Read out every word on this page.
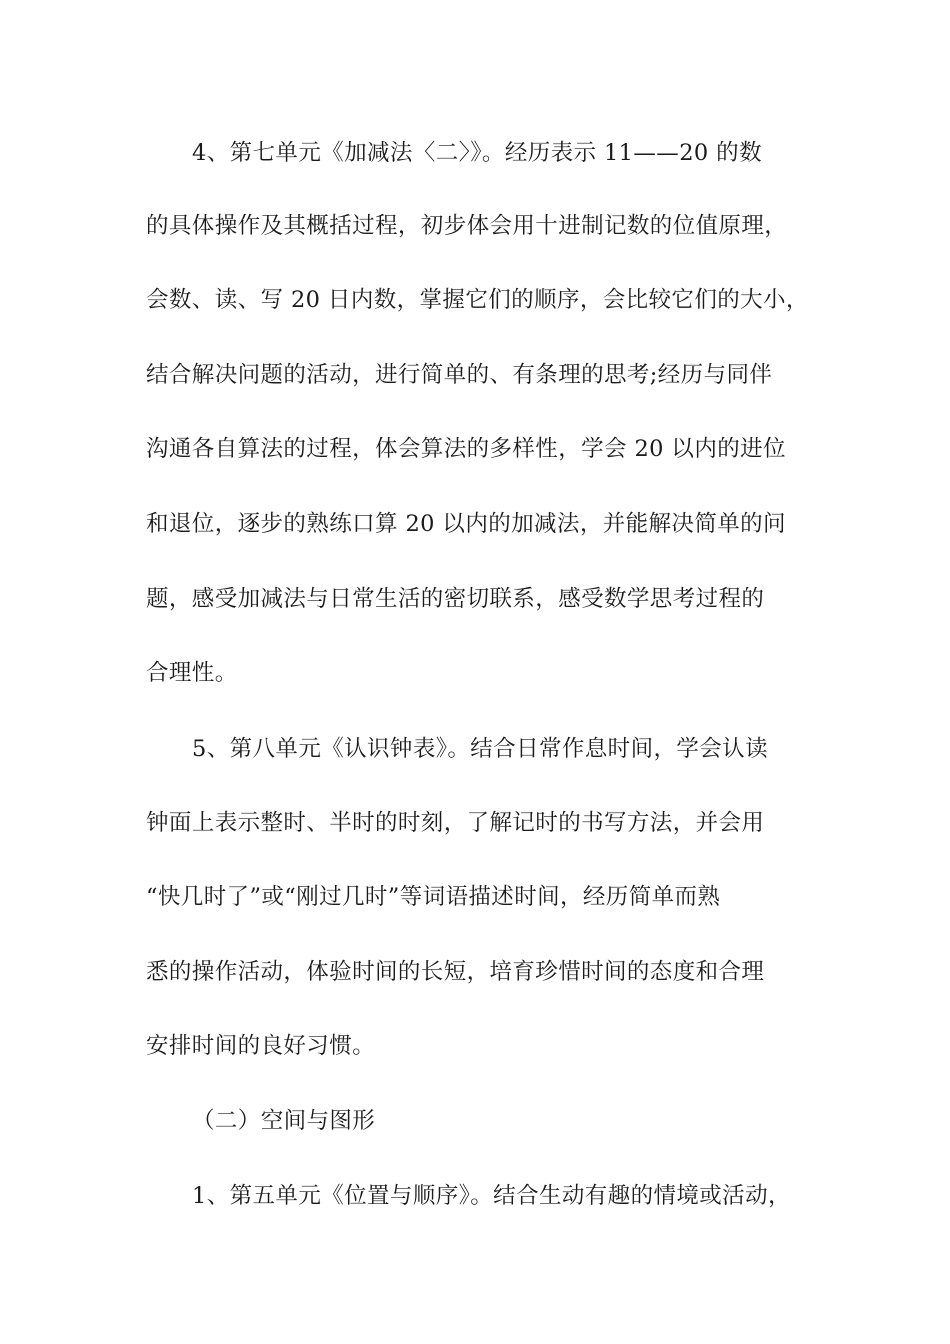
4、第七单元《加减法〈二〉》。经历表示 11——20 的数
的具体操作及其概括过程，初步体会用十进制记数的位值原理，
会数、读、写 20 日内数，掌握它们的顺序，会比较它们的大小，
结合解决问题的活动，进行简单的、有条理的思考;经历与同伴
沟通各自算法的过程，体会算法的多样性，学会 20 以内的进位
和退位，逐步的熟练口算 20 以内的加减法，并能解决简单的问
题，感受加减法与日常生活的密切联系，感受数学思考过程的
合理性。
5、第八单元《认识钟表》。结合日常作息时间，学会认读
钟面上表示整时、半时的时刻，了解记时的书写方法，并会用
“快几时了”或“刚过几时”等词语描述时间，经历简单而熟
悉的操作活动，体验时间的长短，培育珍惜时间的态度和合理
安排时间的良好习惯。
（二）空间与图形
1、第五单元《位置与顺序》。结合生动有趣的情境或活动，
